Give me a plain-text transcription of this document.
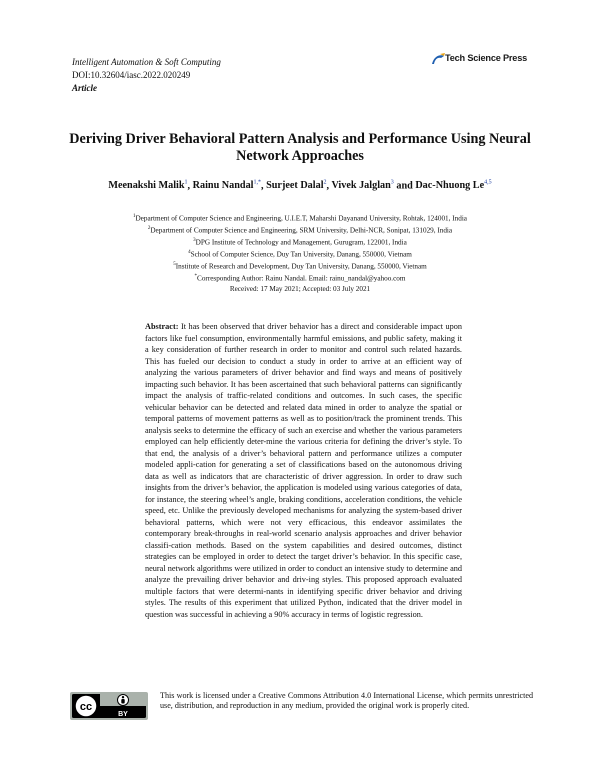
Intelligent Automation & Soft Computing
DOI:10.32604/iasc.2022.020249
Article
Tech Science Press
Deriving Driver Behavioral Pattern Analysis and Performance Using Neural Network Approaches
Meenakshi Malik$^1$, Rainu Nandal$^{1,*}$, Surjeet Dalal$^2$, Vivek Jalglan$^3$ and Dac-Nhuong Le$^{4,5}$
$^1$Department of Computer Science and Engineering, U.I.E.T, Maharshi Dayanand University, Rohtak, 124001, India
$^2$Department of Computer Science and Engineering, SRM University, Delhi-NCR, Sonipat, 131029, India
$^3$DPG Institute of Technology and Management, Gurugram, 122001, India
$^4$School of Computer Science, Duy Tan University, Danang, 550000, Vietnam
$^5$Institute of Research and Development, Duy Tan University, Danang, 550000, Vietnam
*Corresponding Author: Rainu Nandal. Email: rainu_nandal@yahoo.com
Received: 17 May 2021; Accepted: 03 July 2021
Abstract: It has been observed that driver behavior has a direct and considerable impact upon factors like fuel consumption, environmentally harmful emissions, and public safety, making it a key consideration of further research in order to monitor and control such related hazards. This has fueled our decision to conduct a study in order to arrive at an efficient way of analyzing the various parameters of driver behavior and find ways and means of positively impacting such behavior. It has been ascertained that such behavioral patterns can significantly impact the analysis of traffic-related conditions and outcomes. In such cases, the specific vehicular behavior can be detected and related data mined in order to analyze the spatial or temporal patterns of movement patterns as well as to position/track the prominent trends. This analysis seeks to determine the efficacy of such an exercise and whether the various parameters employed can help efficiently deter-mine the various criteria for defining the driver’s style. To that end, the analysis of a driver’s behavioral pattern and performance utilizes a computer modeled appli-cation for generating a set of classifications based on the autonomous driving data as well as indicators that are characteristic of driver aggression. In order to draw such insights from the driver’s behavior, the application is modeled using various categories of data, for instance, the steering wheel’s angle, braking conditions, acceleration conditions, the vehicle speed, etc. Unlike the previously developed mechanisms for analyzing the system-based driver behavioral patterns, which were not very efficacious, this endeavor assimilates the contemporary break-throughs in real-world scenario analysis approaches and driver behavior classifi-cation methods. Based on the system capabilities and desired outcomes, distinct strategies can be employed in order to detect the target driver’s behavior. In this specific case, neural network algorithms were utilized in order to conduct an intensive study to determine and analyze the prevailing driver behavior and driv-ing styles. This proposed approach evaluated multiple factors that were determi-nants in identifying specific driver behavior and driving styles. The results of this experiment that utilized Python, indicated that the driver model in question was successful in achieving a 90% accuracy in terms of logistic regression.
cc
BY
This work is licensed under a Creative Commons Attribution 4.0 International License, which permits unrestricted use, distribution, and reproduction in any medium, provided the original work is properly cited.
